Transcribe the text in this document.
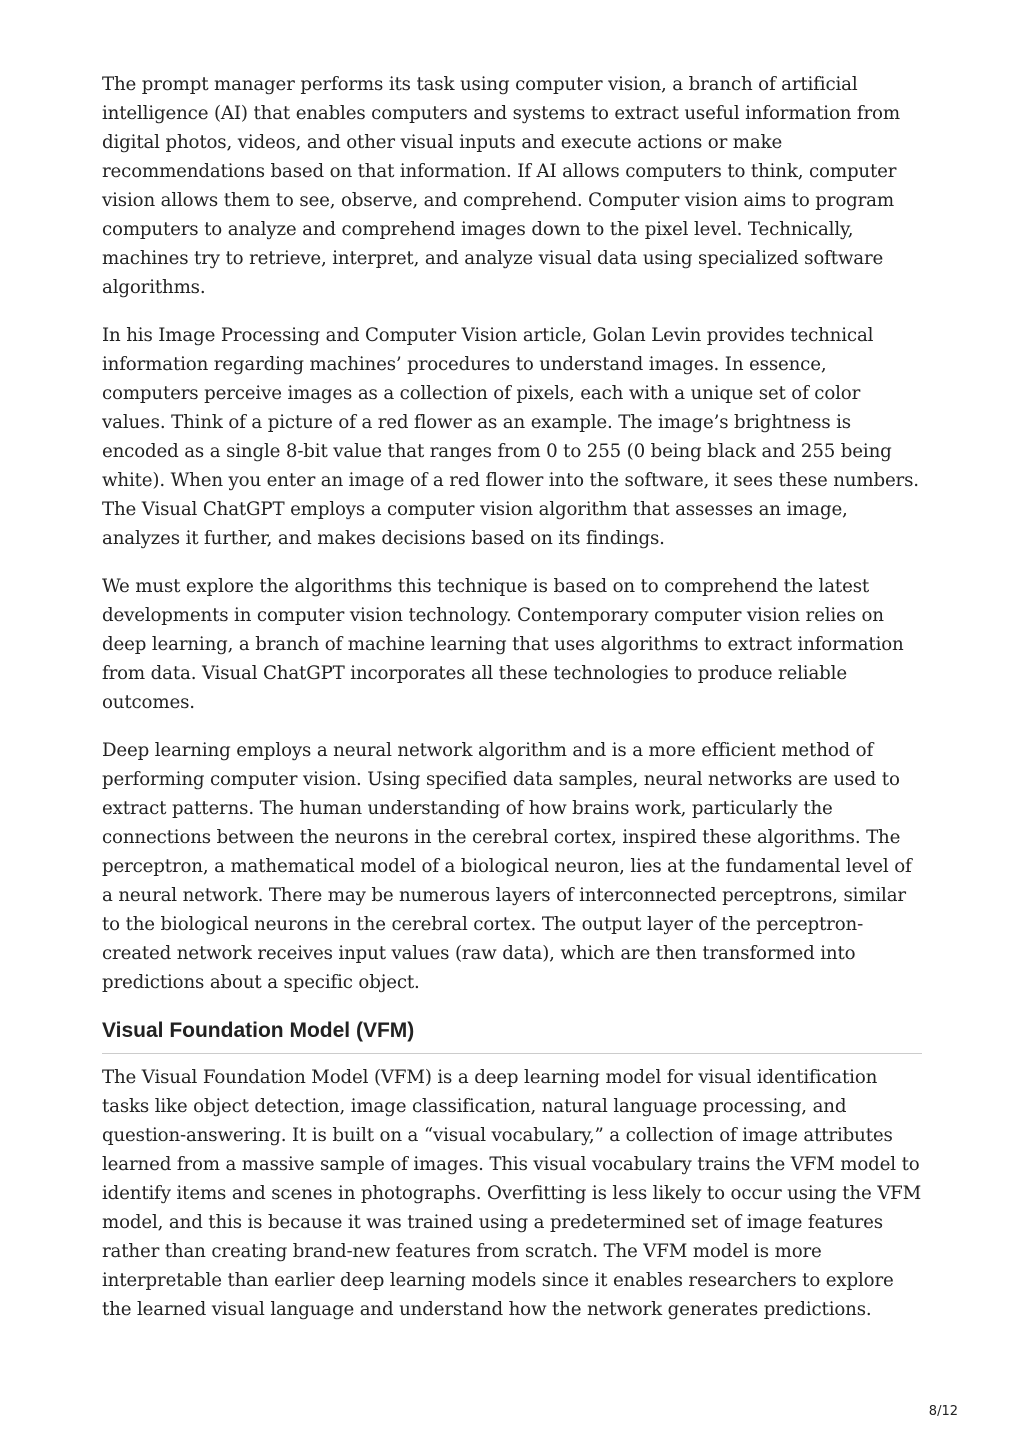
The prompt manager performs its task using computer vision, a branch of artificial intelligence (AI) that enables computers and systems to extract useful information from digital photos, videos, and other visual inputs and execute actions or make recommendations based on that information. If AI allows computers to think, computer vision allows them to see, observe, and comprehend. Computer vision aims to program computers to analyze and comprehend images down to the pixel level. Technically, machines try to retrieve, interpret, and analyze visual data using specialized software algorithms.

In his Image Processing and Computer Vision article, Golan Levin provides technical information regarding machines’ procedures to understand images. In essence, computers perceive images as a collection of pixels, each with a unique set of color values. Think of a picture of a red flower as an example. The image’s brightness is encoded as a single 8-bit value that ranges from 0 to 255 (0 being black and 255 being white). When you enter an image of a red flower into the software, it sees these numbers. The Visual ChatGPT employs a computer vision algorithm that assesses an image, analyzes it further, and makes decisions based on its findings.

We must explore the algorithms this technique is based on to comprehend the latest developments in computer vision technology. Contemporary computer vision relies on deep learning, a branch of machine learning that uses algorithms to extract information from data. Visual ChatGPT incorporates all these technologies to produce reliable outcomes.

Deep learning employs a neural network algorithm and is a more efficient method of performing computer vision. Using specified data samples, neural networks are used to extract patterns. The human understanding of how brains work, particularly the connections between the neurons in the cerebral cortex, inspired these algorithms. The perceptron, a mathematical model of a biological neuron, lies at the fundamental level of a neural network. There may be numerous layers of interconnected perceptrons, similar to the biological neurons in the cerebral cortex. The output layer of the perceptron-created network receives input values (raw data), which are then transformed into predictions about a specific object.

Visual Foundation Model (VFM)

The Visual Foundation Model (VFM) is a deep learning model for visual identification tasks like object detection, image classification, natural language processing, and question-answering. It is built on a “visual vocabulary,” a collection of image attributes learned from a massive sample of images. This visual vocabulary trains the VFM model to identify items and scenes in photographs. Overfitting is less likely to occur using the VFM model, and this is because it was trained using a predetermined set of image features rather than creating brand-new features from scratch. The VFM model is more interpretable than earlier deep learning models since it enables researchers to explore the learned visual language and understand how the network generates predictions.

8/12
